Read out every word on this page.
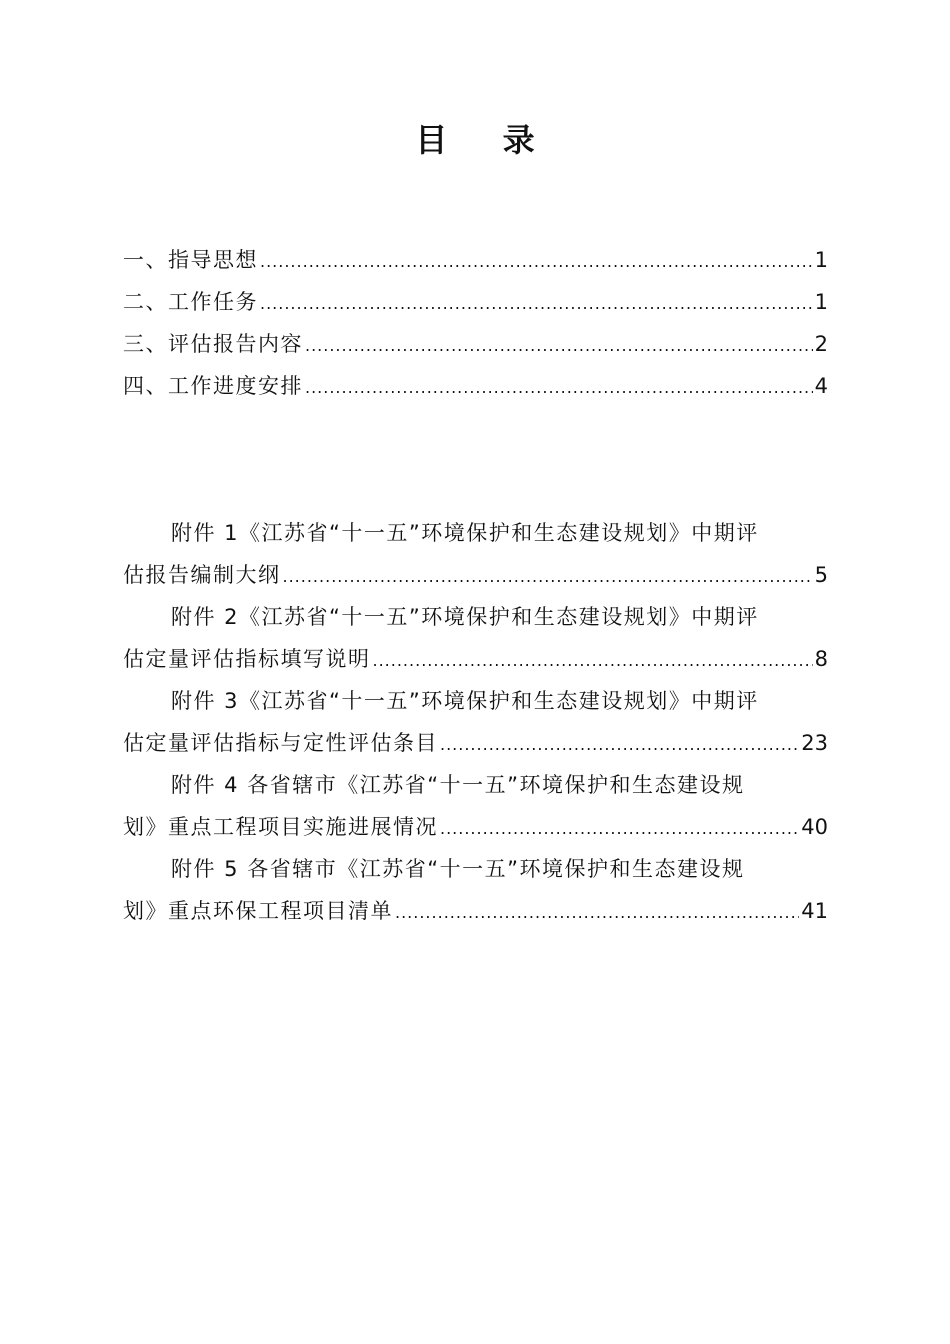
目 录
一、指导思想 .....	1
二、工作任务 .....	1
三、评估报告内容 .....	2
四、工作进度安排 .....	4
附件 1《江苏省“十一五”环境保护和生态建设规划》中期评
估报告编制大纲 .....	5
附件 2《江苏省“十一五”环境保护和生态建设规划》中期评
估定量评估指标填写说明 .....	8
附件 3《江苏省“十一五”环境保护和生态建设规划》中期评
估定量评估指标与定性评估条目 .....	23
附件 4 各省辖市《江苏省“十一五”环境保护和生态建设规
划》重点工程项目实施进展情况 .....	40
附件 5 各省辖市《江苏省“十一五”环境保护和生态建设规
划》重点环保工程项目清单 .....	41
